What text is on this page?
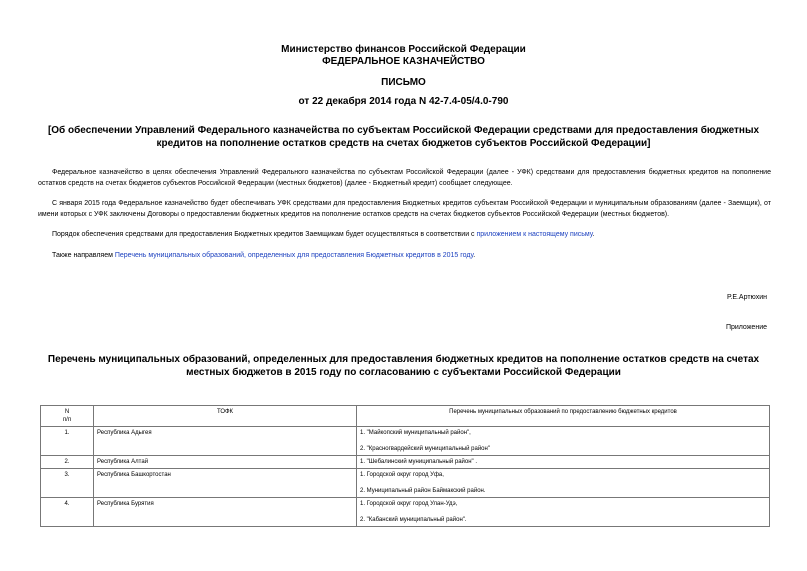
Министерство финансов Российской Федерации
ФЕДЕРАЛЬНОЕ КАЗНАЧЕЙСТВО
ПИСЬМО
от 22 декабря 2014 года N 42-7.4-05/4.0-790
[Об обеспечении Управлений Федерального казначейства по субъектам Российской Федерации средствами для предоставления бюджетных кредитов на пополнение остатков средств на счетах бюджетов субъектов Российской Федерации]
Федеральное казначейство в целях обеспечения Управлений Федерального казначейства по субъектам Российской Федерации (далее - УФК) средствами для предоставления бюджетных кредитов на пополнение остатков средств на счетах бюджетов субъектов Российской Федерации (местных бюджетов) (далее - Бюджетный кредит) сообщает следующее.
С января 2015 года Федеральное казначейство будет обеспечивать УФК средствами для предоставления Бюджетных кредитов субъектам Российской Федерации и муниципальным образованиям (далее - Заемщик), от имени которых с УФК заключены Договоры о предоставлении бюджетных кредитов на пополнение остатков средств на счетах бюджетов субъектов Российской Федерации (местных бюджетов).
Порядок обеспечения средствами для предоставления Бюджетных кредитов Заемщикам будет осуществляться в соответствии с приложением к настоящему письму.
Также направляем Перечень муниципальных образований, определенных для предоставления Бюджетных кредитов в 2015 году.
Р.Е.Артюхин
Приложение
Перечень муниципальных образований, определенных для предоставления бюджетных кредитов на пополнение остатков средств на счетах местных бюджетов в 2015 году по согласованию с субъектами Российской Федерации
N
п/п	ТОФК	Перечень муниципальных образований по предоставлению бюджетных кредитов
1.	Республика Адыгея	1. "Майкопский муниципальный район",
2. "Красногвардейский муниципальный район"

2.	Республика Алтай	1. "Шебалинский муниципальный район" .

3.	Республика Башкортостан	1. Городской округ город Уфа,
2. Муниципальный район Баймакский район.

4.	Республика Бурятия	1. Городской округ город Улан-Удэ,
2. "Кабанский муниципальный район".
